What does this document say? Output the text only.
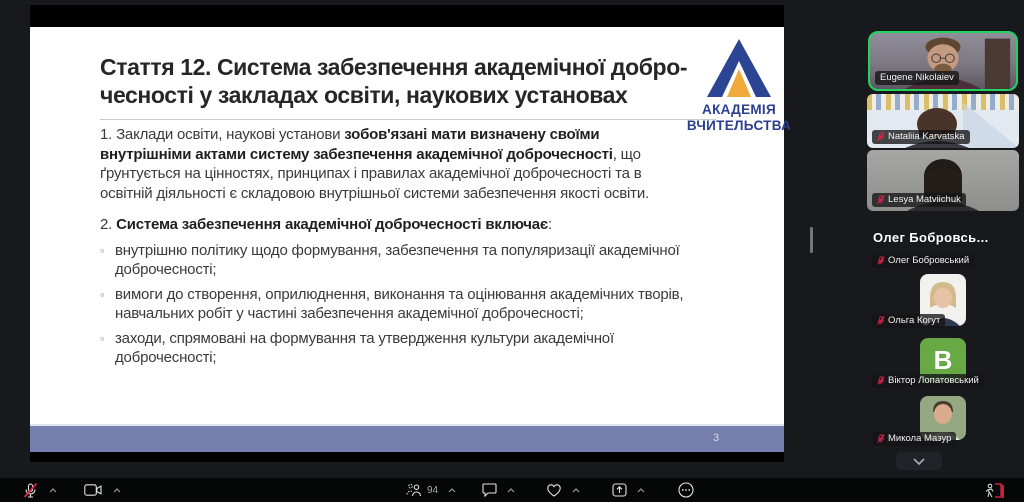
Стаття 12. Система забезпечення академічної добро-
чесності у закладах освіти, наукових установах
АКАДЕМІЯ
ВЧИТЕЛЬСТВА

1. Заклади освіти, наукові установи зобов'язані мати визначену своїми внутрішніми актами систему забезпечення академічної доброчесності, що ґрунтується на цінностях, принципах і правилах академічної доброчесності та в освітній діяльності є складовою внутрішньої системи забезпечення якості освіти.

2. Система забезпечення академічної доброчесності включає:

◦ внутрішню політику щодо формування, забезпечення та популяризації академічної доброчесності;
◦ вимоги до створення, оприлюднення, виконання та оцінювання академічних творів, навчальних робіт у частині забезпечення академічної доброчесності;
◦ заходи, спрямовані на формування та утвердження культури академічної доброчесності;
3
Eugene Nikolaiev
Nataliia Karvatska
Lesya Matviichuk
Олег Бобровсь...
Олег Бобровський
Ольга Когут
В
Віктор Лопатовський
Микола Мазур
94
